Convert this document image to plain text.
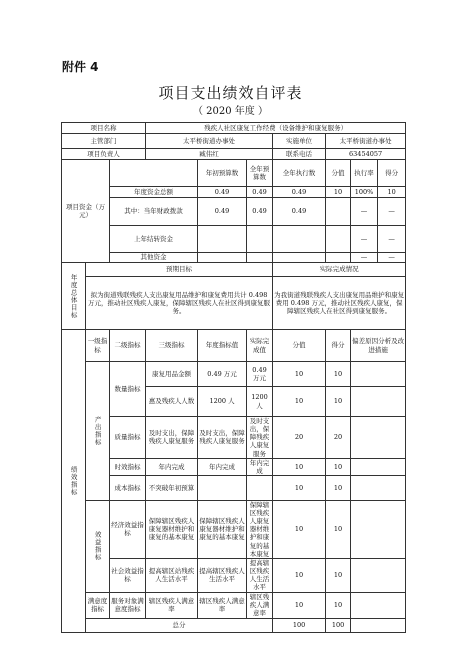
附件 4
项目支出绩效自评表
（ 2020 年度 ）
项目名称			残疾人社区康复工作经费（设备维护和康复服务）						
主管部门			太平桥街道办事处			实施单位	太平桥街道办事处		
项目负责人			臧伟红			联系电话	63454057		
项目资金（万元）				年初预算数	全年预算数	全年执行数	分值	执行率	得分
		年度资金总额		0.49	0.49	0.49	10	100%	10
		其中：当年财政拨款		0.49	0.49	0.49		—	—
		上年结转资金						—	—
		其他资金						—	—
年度总体目标	预期目标					实际完成情况			
	拟为街道残联残疾人支出康复用品维护和康复费用共计 0.498 万元，推动社区残疾人康复，保障辖区残疾人在社区得到康复服务。					为我街道残联残疾人支出康复用品维护和康复费用 0.498 万元，推动社区残疾人康复，保障辖区残疾人在社区得到康复服务。			
绩效指标	一级指标	二级指标	三级指标	年度指标值	实际完成值	分值	得分	偏差原因分析及改进措施	
	产出指标	数量指标	康复用品金额	0.49 万元	0.49 万元	10	10		
			惠及残疾人人数	1200 人	1200 人	10	10		
		质量指标	及时支出，保障残疾人康复服务	及时支出，保障残疾人康复服务	及时支出，保障残疾人康复服务	20	20		
		时效指标	年内完成	年内完成	年内完成	10	10		
		成本指标	不突破年初预算			10	10		
	效益指标	经济效益指标	保障辖区残疾人康复器材维护和康复的基本康复	保障辖区残疾人康复器材维护和康复的基本康复	保障辖区残疾人康复器材维护和康复的基本康复	10	10		
		社会效益指标	提高辖区站残疾人生活水平	提高辖区残疾人生活水平	提高辖区残疾人生活水平	10	10		
	满意度指标	服务对象满意度指标	辖区残疾人满意率	辖区残疾人满意率	辖区残疾人满意率	10	10		
	总分					100	100		
